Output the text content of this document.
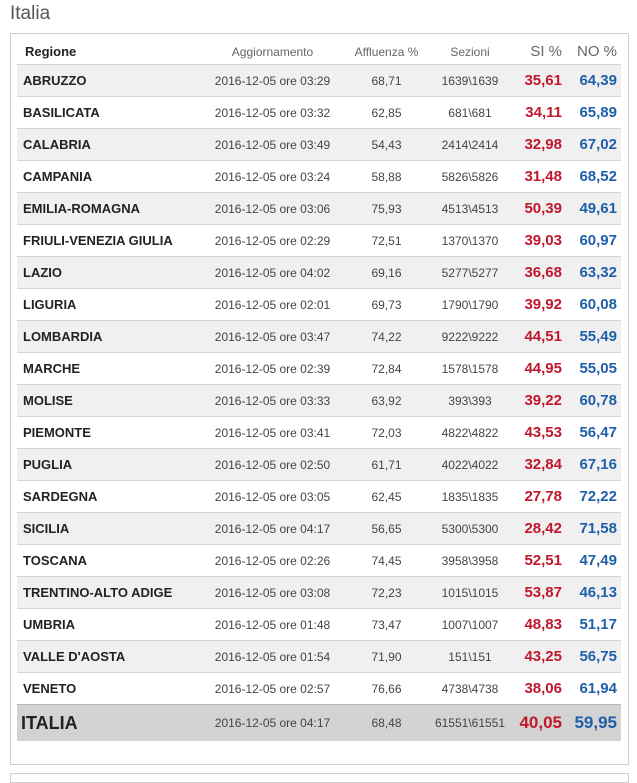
Italia
Regione	Aggiornamento	Affluenza %	Sezioni	SI %	NO %
ABRUZZO	2016-12-05 ore 03:29	68,71	1639\1639	35,61	64,39
BASILICATA	2016-12-05 ore 03:32	62,85	681\681	34,11	65,89
CALABRIA	2016-12-05 ore 03:49	54,43	2414\2414	32,98	67,02
CAMPANIA	2016-12-05 ore 03:24	58,88	5826\5826	31,48	68,52
EMILIA-ROMAGNA	2016-12-05 ore 03:06	75,93	4513\4513	50,39	49,61
FRIULI-VENEZIA GIULIA	2016-12-05 ore 02:29	72,51	1370\1370	39,03	60,97
LAZIO	2016-12-05 ore 04:02	69,16	5277\5277	36,68	63,32
LIGURIA	2016-12-05 ore 02:01	69,73	1790\1790	39,92	60,08
LOMBARDIA	2016-12-05 ore 03:47	74,22	9222\9222	44,51	55,49
MARCHE	2016-12-05 ore 02:39	72,84	1578\1578	44,95	55,05
MOLISE	2016-12-05 ore 03:33	63,92	393\393	39,22	60,78
PIEMONTE	2016-12-05 ore 03:41	72,03	4822\4822	43,53	56,47
PUGLIA	2016-12-05 ore 02:50	61,71	4022\4022	32,84	67,16
SARDEGNA	2016-12-05 ore 03:05	62,45	1835\1835	27,78	72,22
SICILIA	2016-12-05 ore 04:17	56,65	5300\5300	28,42	71,58
TOSCANA	2016-12-05 ore 02:26	74,45	3958\3958	52,51	47,49
TRENTINO-ALTO ADIGE	2016-12-05 ore 03:08	72,23	1015\1015	53,87	46,13
UMBRIA	2016-12-05 ore 01:48	73,47	1007\1007	48,83	51,17
VALLE D'AOSTA	2016-12-05 ore 01:54	71,90	151\151	43,25	56,75
VENETO	2016-12-05 ore 02:57	76,66	4738\4738	38,06	61,94
ITALIA	2016-12-05 ore 04:17	68,48	61551\61551	40,05	59,95
